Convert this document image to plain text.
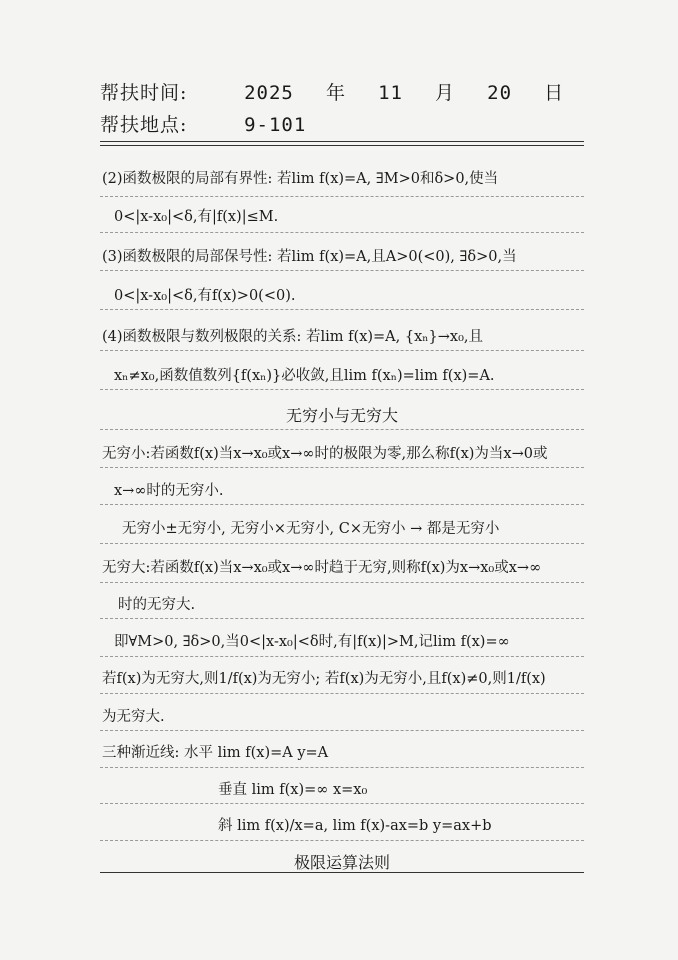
帮扶时间:	2025 年 11 月 20 日
帮扶地点:	9-101
(2)函数极限的局部有界性: 若lim f(x)=A, ∃M>0和δ>0,使当
0<|x-x₀|<δ,有|f(x)|≤M.
(3)函数极限的局部保号性: 若lim f(x)=A,且A>0(<0), ∃δ>0,当
0<|x-x₀|<δ,有f(x)>0(<0).
(4)函数极限与数列极限的关系: 若lim f(x)=A, {xₙ}→x₀,且
xₙ≠x₀,函数值数列{f(xₙ)}必收敛,且lim f(xₙ)=lim f(x)=A.
无穷小与无穷大
无穷小:若函数f(x)当x→x₀或x→∞时的极限为零,那么称f(x)为当x→0或
x→∞时的无穷小.
无穷小±无穷小, 无穷小×无穷小, C×无穷小 → 都是无穷小
无穷大:若函数f(x)当x→x₀或x→∞时趋于无穷,则称f(x)为x→x₀或x→∞
时的无穷大.
即∀M>0, ∃δ>0,当0<|x-x₀|<δ时,有|f(x)|>M,记lim f(x)=∞
若f(x)为无穷大,则1/f(x)为无穷小; 若f(x)为无穷小,且f(x)≠0,则1/f(x)
为无穷大.
三种渐近线: 水平 lim f(x)=A y=A
垂直 lim f(x)=∞ x=x₀
斜 lim f(x)/x=a, lim f(x)-ax=b y=ax+b
极限运算法则
